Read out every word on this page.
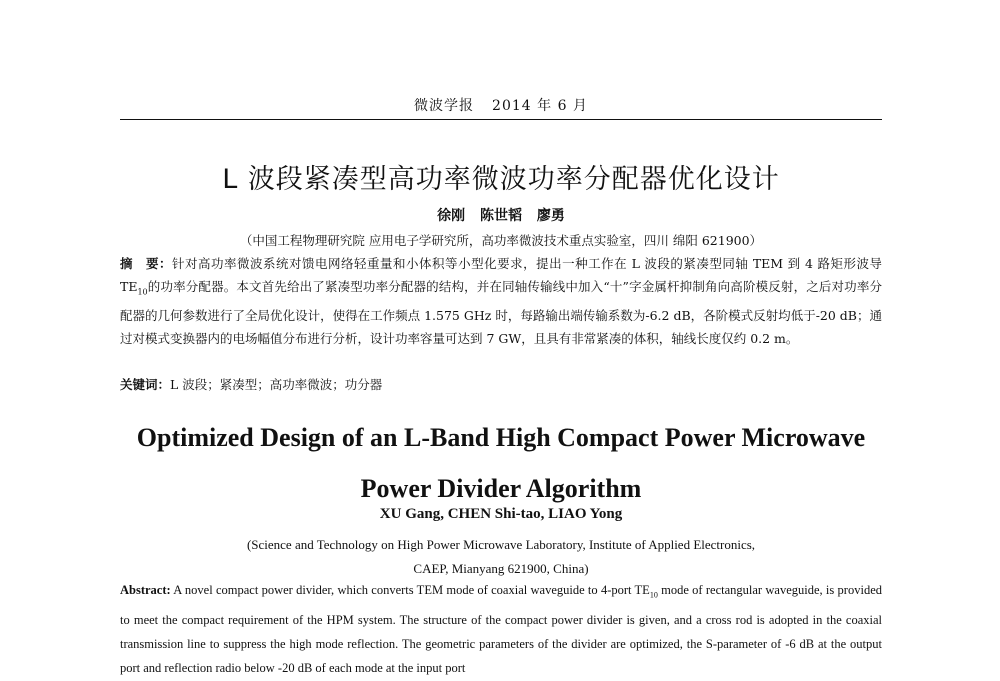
微波学报 2014 年 6 月
L 波段紧凑型高功率微波功率分配器优化设计
徐刚 陈世韬 廖勇
（中国工程物理研究院 应用电子学研究所，高功率微波技术重点实验室，四川 绵阳 621900）
摘　要：针对高功率微波系统对馈电网络轻重量和小体积等小型化要求，提出一种工作在 L 波段的紧凑型同轴 TEM 到 4 路矩形波导 $TE_{10}$的功率分配器。本文首先给出了紧凑型功率分配器的结构，并在同轴传输线中加入“十”字金属杆抑制角向高阶模反射，之后对功率分配器的几何参数进行了全局优化设计，使得在工作频点 1.575 GHz 时，每路输出端传输系数为-6.2 dB，各阶模式反射均低于-20 dB；通过对模式变换器内的电场幅值分布进行分析，设计功率容量可达到 7 GW，且具有非常紧凑的体积，轴线长度仅约 0.2 m。
关键词：L 波段；紧凑型；高功率微波；功分器
Optimized Design of an L-Band High Compact Power Microwave
Power Divider Algorithm
XU Gang, CHEN Shi-tao, LIAO Yong
(Science and Technology on High Power Microwave Laboratory, Institute of Applied Electronics,
CAEP, Mianyang 621900, China)
Abstract: A novel compact power divider, which converts TEM mode of coaxial waveguide to 4-port $TE_{10}$ mode of rectangular waveguide, is provided to meet the compact requirement of the HPM system. The structure of the compact power divider is given, and a cross rod is adopted in the coaxial transmission line to suppress the high mode reflection. The geometric parameters of the divider are optimized, the S-parameter of -6 dB at the output port and reflection radio below -20 dB of each mode at the input port
